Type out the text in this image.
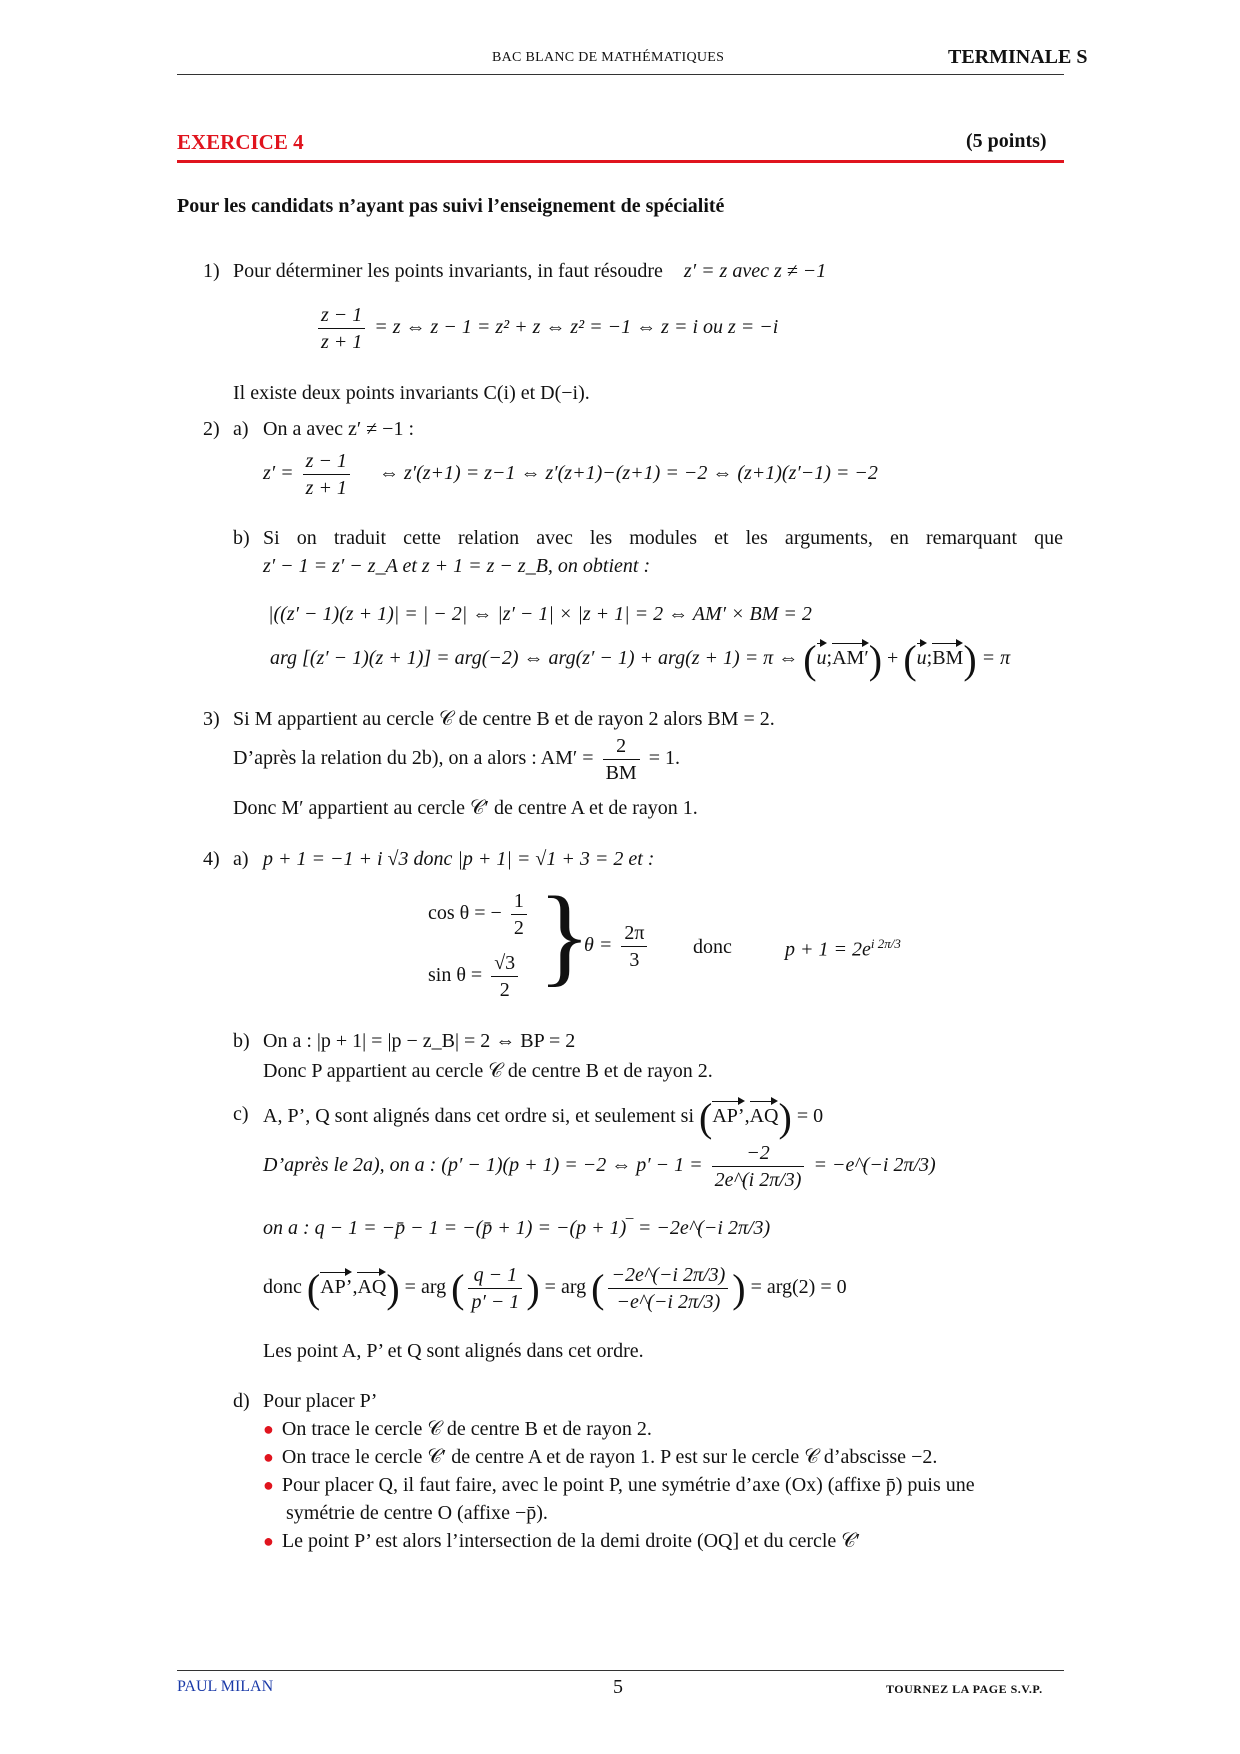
BAC BLANC DE MATHÉMATIQUES	TERMINALE S
EXERCICE 4	(5 points)
Pour les candidats n’ayant pas suivi l’enseignement de spécialité
1) Pour déterminer les points invariants, in faut résoudre z′ = z avec z ≠ −1
$\frac{z - 1}{z + 1} = z$ ⇔ z − 1 = z² + z ⇔ z² = −1 ⇔ z = i ou z = −i
Il existe deux points invariants C(i) et D(−i).
2) a) On a avec z′ ≠ −1 :
$z' = \frac{z - 1}{z + 1}$ ⇔ z′(z+1) = z−1 ⇔ z′(z+1)−(z+1) = −2 ⇔ (z+1)(z′−1) = −2
b) Si on traduit cette relation avec les modules et les arguments, en remarquant que
z′ − 1 = z′ − z_A et z + 1 = z − z_B, on obtient :
|((z′ − 1)(z + 1)| = | − 2| ⇔ |z′ − 1| × |z + 1| = 2 ⇔ AM′ × BM = 2
arg [(z′ − 1)(z + 1)] = arg(−2) ⇔ arg(z′ − 1) + arg(z + 1) = π ⇔ (u;AM′) + (u;BM) = π
3) Si M appartient au cercle 𝒞 de centre B et de rayon 2 alors BM = 2.
D’après la relation du 2b), on a alors : $AM' = \frac{2}{BM} = 1$.
Donc M′ appartient au cercle 𝒞′ de centre A et de rayon 1.
4) a) p + 1 = −1 + i √3 donc |p + 1| = √1 + 3 = 2 et :
cos θ = − $\frac{1}{2}$
$\sin \theta = \frac{√3}{2}$ }
$\theta = \frac{2\pi}{3}$ donc	$p + 1 = 2e^{i 2\pi/3}$
b) On a : |p + 1| = |p − z_B| = 2 ⇔ BP = 2
Donc P appartient au cercle 𝒞 de centre B et de rayon 2.
c) A, P’, Q sont alignés dans cet ordre si, et seulement si (AP’,AQ) = 0
D’après le 2a), on a : (p′ − 1)(p + 1) = −2 ⇔ $p' - 1 = \frac{-2}{2e\^{}(i 2\pi/3)}$ = −e^(−i 2π/3)
on a : q − 1 = −p̄ − 1 = −(p̄ + 1) = −(p + 1)‾ = −2e^(−i 2π/3)
donc (AP’,AQ) = arg ( $\frac{q - 1}{p' - 1}$ ) = arg ( $\frac{-2e\^{}(-i 2\pi/3)}{-e\^{}(-i 2\pi/3)}$ ) = arg(2) = 0
Les point A, P’ et Q sont alignés dans cet ordre.
d) Pour placer P’
● On trace le cercle 𝒞 de centre B et de rayon 2.
● On trace le cercle 𝒞′ de centre A et de rayon 1. P est sur le cercle 𝒞 d’abscisse −2.
● Pour placer Q, il faut faire, avec le point P, une symétrie d’axe (Ox) (affixe p̄) puis une
symétrie de centre O (affixe −p̄).
● Le point P’ est alors l’intersection de la demi droite (OQ] et du cercle 𝒞′
PAUL MILAN	5	TOURNEZ LA PAGE S.V.P.
